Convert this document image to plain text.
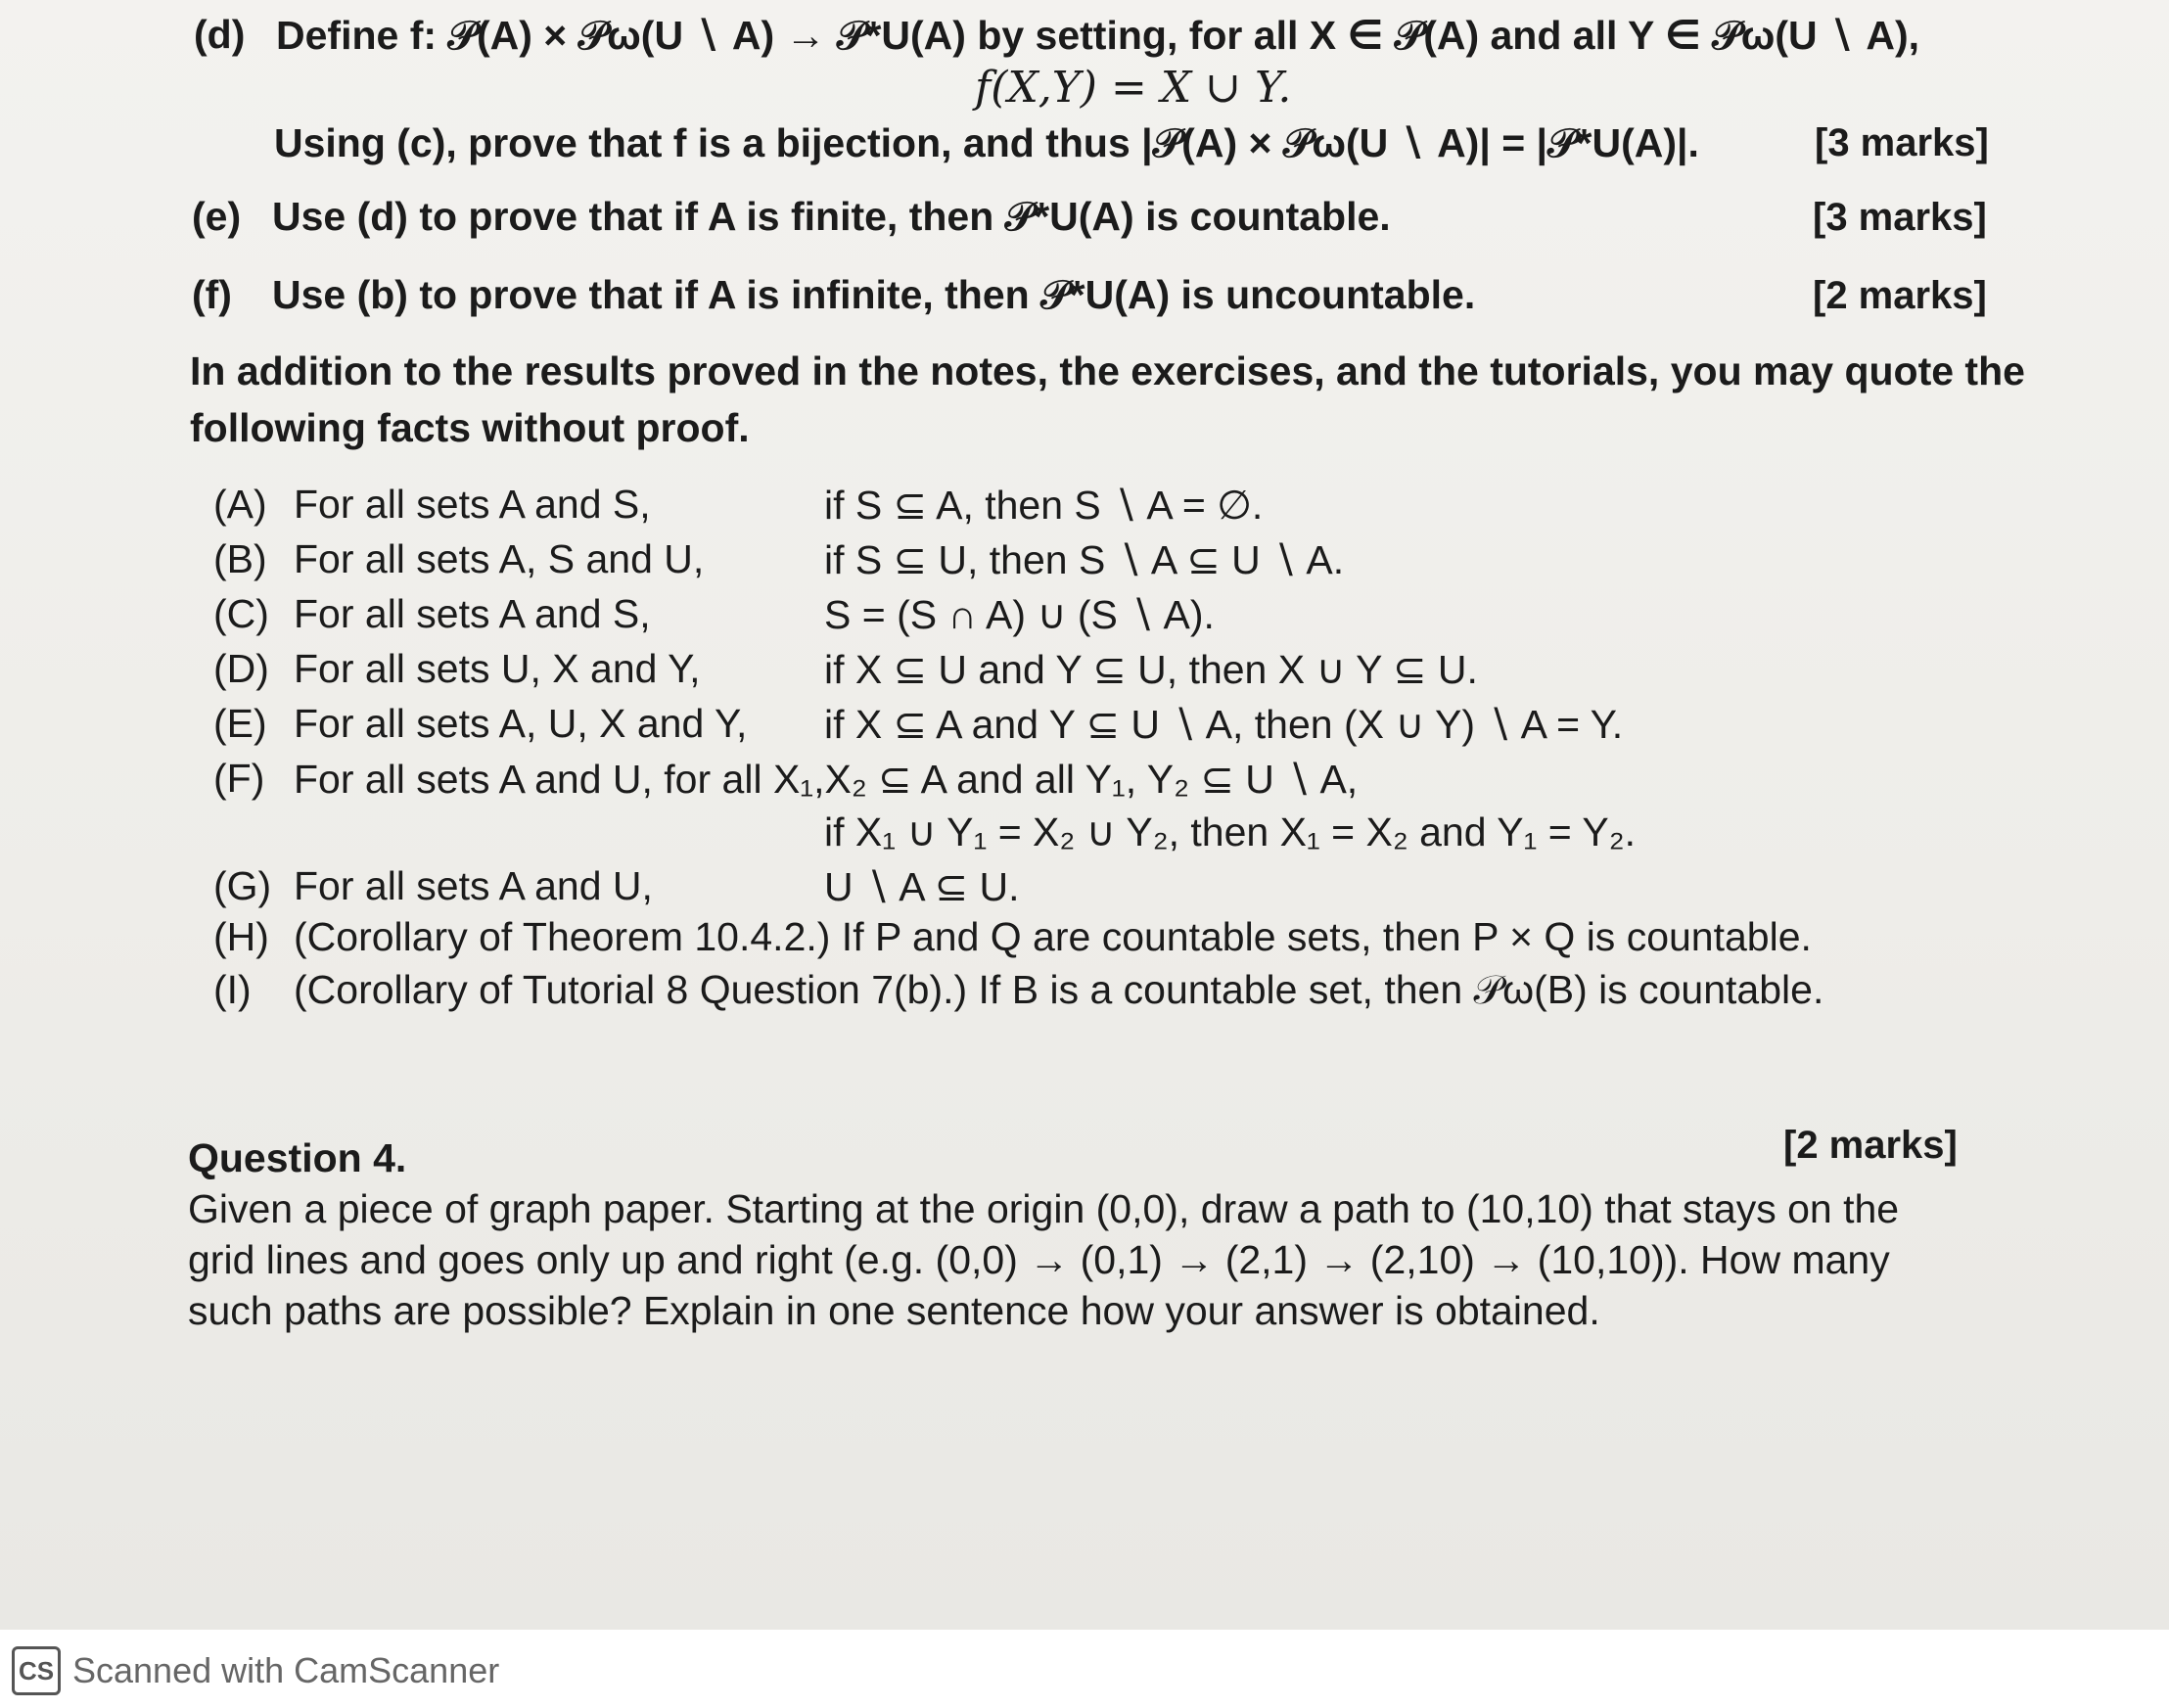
(d) Define f: 𝒫(A) × 𝒫ω(U ∖ A) → 𝒫*U(A) by setting, for all X ∈ 𝒫(A) and all Y ∈ 𝒫ω(U ∖ A),
f(X,Y) = X ∪ Y.
Using (c), prove that f is a bijection, and thus |𝒫(A) × 𝒫ω(U ∖ A)| = |𝒫*U(A)|.	[3 marks]
(e) Use (d) to prove that if A is finite, then 𝒫*U(A) is countable.	[3 marks]
(f) Use (b) to prove that if A is infinite, then 𝒫*U(A) is uncountable.	[2 marks]
In addition to the results proved in the notes, the exercises, and the tutorials, you may quote the
following facts without proof.
(A) For all sets A and S,	if S ⊆ A, then S ∖ A = ∅.
(B) For all sets A, S and U,	if S ⊆ U, then S ∖ A ⊆ U ∖ A.
(C) For all sets A and S,	S = (S ∩ A) ∪ (S ∖ A).
(D) For all sets U, X and Y,	if X ⊆ U and Y ⊆ U, then X ∪ Y ⊆ U.
(E) For all sets A, U, X and Y, if X ⊆ A and Y ⊆ U ∖ A, then (X ∪ Y) ∖ A = Y.
(F) For all sets A and U, for all X₁,X₂ ⊆ A and all Y₁, Y₂ ⊆ U ∖ A,
if X₁ ∪ Y₁ = X₂ ∪ Y₂, then X₁ = X₂ and Y₁ = Y₂.
(G) For all sets A and U,	U ∖ A ⊆ U.
(H) (Corollary of Theorem 10.4.2.) If P and Q are countable sets, then P × Q is countable.
(I) (Corollary of Tutorial 8 Question 7(b).) If B is a countable set, then 𝒫ω(B) is countable.
Question 4.	[2 marks]
Given a piece of graph paper. Starting at the origin (0,0), draw a path to (10,10) that stays on the
grid lines and goes only up and right (e.g. (0,0) → (0,1) → (2,1) → (2,10) → (10,10)). How many
such paths are possible? Explain in one sentence how your answer is obtained.
CS Scanned with CamScanner
